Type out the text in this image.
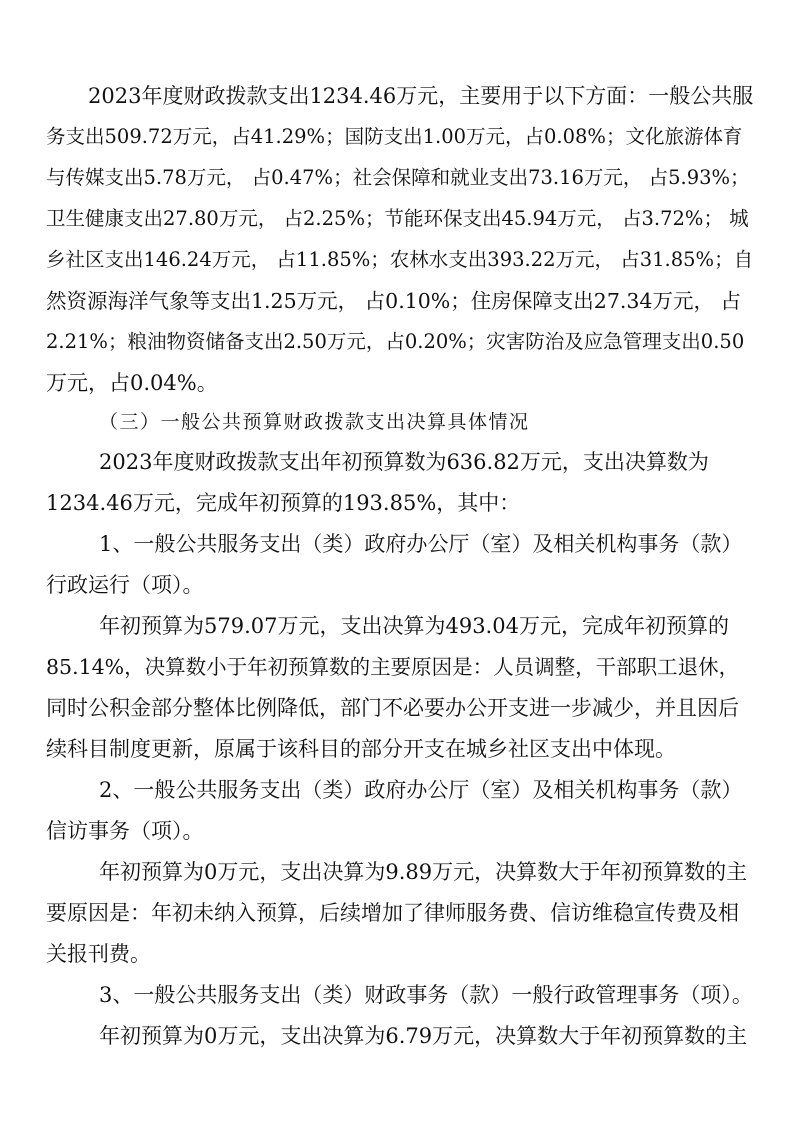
2023年度财政拨款支出1234.46万元，主要用于以下方面：一般公共服
务支出509.72万元，占41.29%；国防支出1.00万元，占0.08%；文化旅游体育
与传媒支出5.78万元， 占0.47%；社会保障和就业支出73.16万元， 占5.93%；
卫生健康支出27.80万元， 占2.25%；节能环保支出45.94万元， 占3.72%； 城
乡社区支出146.24万元， 占11.85%；农林水支出393.22万元， 占31.85%；自
然资源海洋气象等支出1.25万元， 占0.10%；住房保障支出27.34万元， 占
2.21%；粮油物资储备支出2.50万元，占0.20%；灾害防治及应急管理支出0.50
万元，占0.04%。
（三）一般公共预算财政拨款支出决算具体情况
2023年度财政拨款支出年初预算数为636.82万元，支出决算数为
1234.46万元，完成年初预算的193.85%，其中：
1、一般公共服务支出（类）政府办公厅（室）及相关机构事务（款）
行政运行（项）。
年初预算为579.07万元，支出决算为493.04万元，完成年初预算的
85.14%，决算数小于年初预算数的主要原因是：人员调整，干部职工退休，
同时公积金部分整体比例降低，部门不必要办公开支进一步减少，并且因后
续科目制度更新，原属于该科目的部分开支在城乡社区支出中体现。
2、一般公共服务支出（类）政府办公厅（室）及相关机构事务（款）
信访事务（项）。
年初预算为0万元，支出决算为9.89万元，决算数大于年初预算数的主
要原因是：年初未纳入预算，后续增加了律师服务费、信访维稳宣传费及相
关报刊费。
3、一般公共服务支出（类）财政事务（款）一般行政管理事务（项）。
年初预算为0万元，支出决算为6.79万元，决算数大于年初预算数的主
